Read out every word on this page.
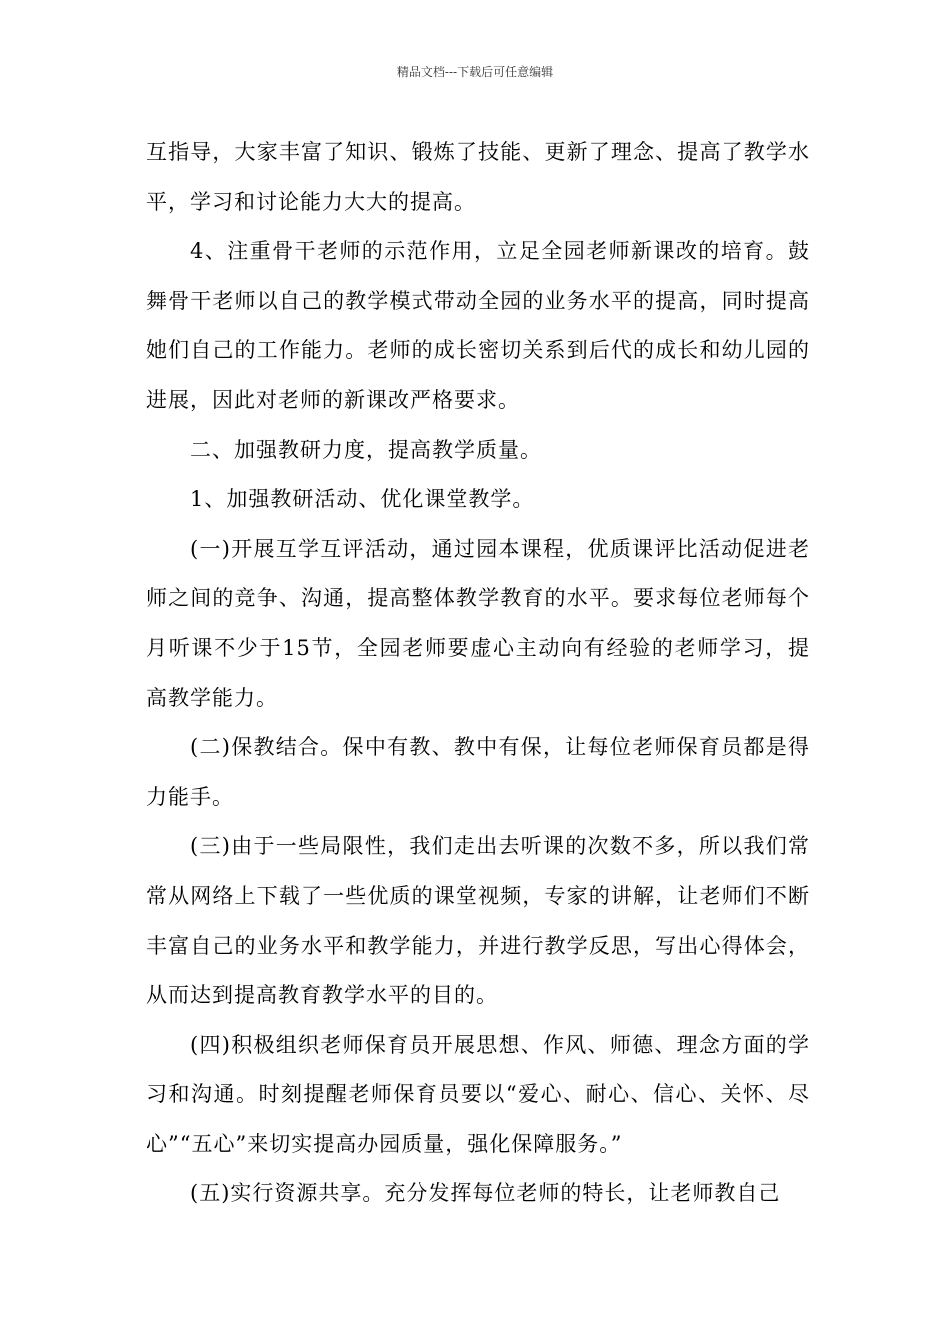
精品文档---下载后可任意编辑

互指导，大家丰富了知识、锻炼了技能、更新了理念、提高了教学水平，学习和讨论能力大大的提高。

4、注重骨干老师的示范作用，立足全园老师新课改的培育。鼓舞骨干老师以自己的教学模式带动全园的业务水平的提高，同时提高她们自己的工作能力。老师的成长密切关系到后代的成长和幼儿园的进展，因此对老师的新课改严格要求。

二、加强教研力度，提高教学质量。

1、加强教研活动、优化课堂教学。

(一)开展互学互评活动，通过园本课程，优质课评比活动促进老师之间的竞争、沟通，提高整体教学教育的水平。要求每位老师每个月听课不少于15节，全园老师要虚心主动向有经验的老师学习，提高教学能力。

(二)保教结合。保中有教、教中有保，让每位老师保育员都是得力能手。

(三)由于一些局限性，我们走出去听课的次数不多，所以我们常常从网络上下载了一些优质的课堂视频，专家的讲解，让老师们不断丰富自己的业务水平和教学能力，并进行教学反思，写出心得体会，从而达到提高教育教学水平的目的。

(四)积极组织老师保育员开展思想、作风、师德、理念方面的学习和沟通。时刻提醒老师保育员要以“爱心、耐心、信心、关怀、尽心”“五心”来切实提高办园质量，强化保障服务。”

(五)实行资源共享。充分发挥每位老师的特长，让老师教自己
